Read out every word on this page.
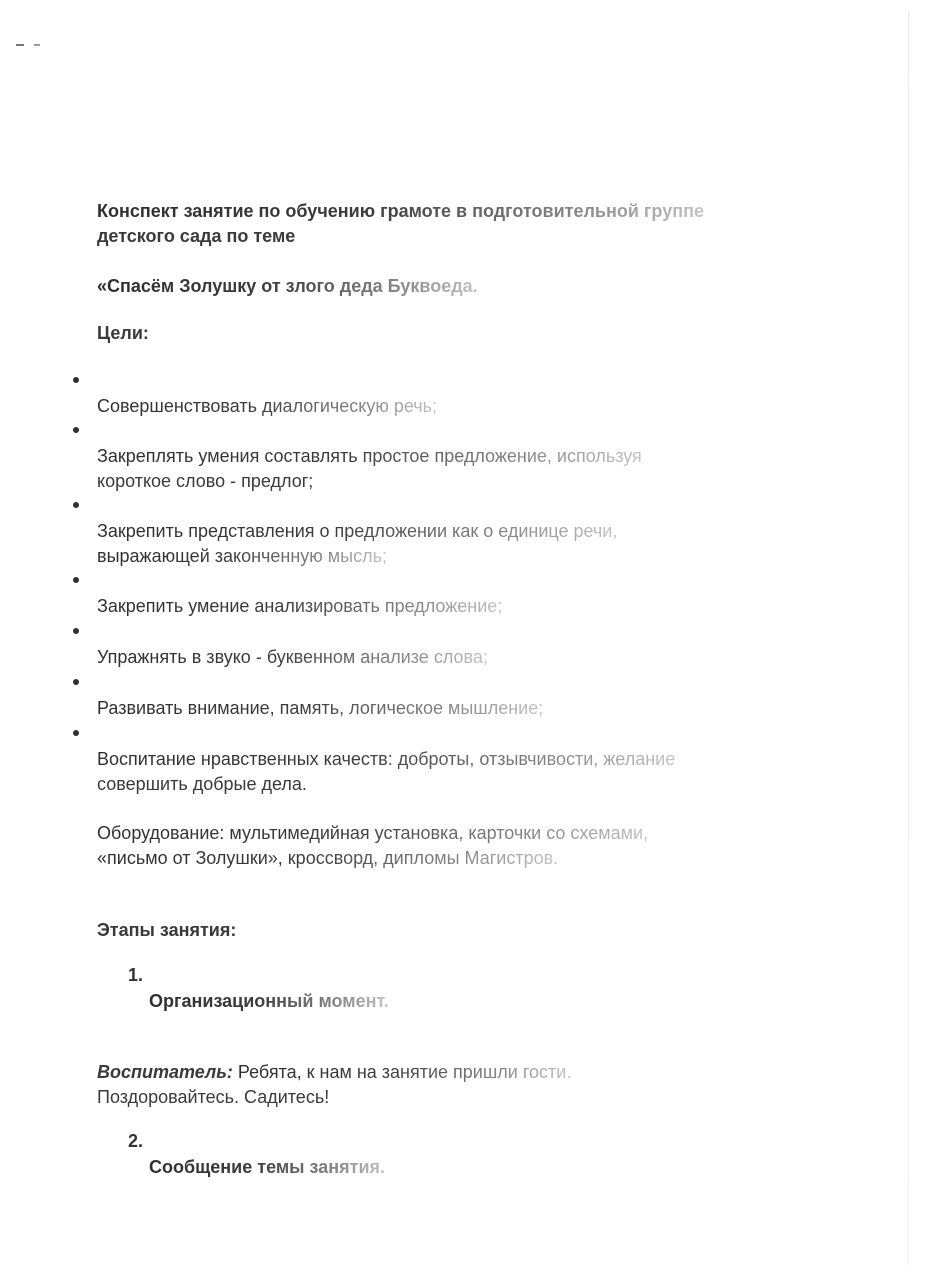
Конспект занятие по обучению грамоте в подготовительной группе
детского сада по теме

«Спасём Золушку от злого деда Буквоеда.

Цели:

Совершенствовать диалогическую речь;

Закреплять умения составлять простое предложение, используя
короткое слово - предлог;

Закрепить представления о предложении как о единице речи,
выражающей законченную мысль;

Закрепить умение анализировать предложение;

Упражнять в звуко - буквенном анализе слова;

Развивать внимание, память, логическое мышление;

Воспитание нравственных качеств: доброты, отзывчивости, желание
совершить добрые дела.

Оборудование: мультимедийная установка, карточки со схемами,
«письмо от Золушки», кроссворд, дипломы Магистров.

Этапы занятия:

1.
Организационный момент.

Воспитатель: Ребята, к нам на занятие пришли гости.
Поздоровайтесь. Садитесь!

2.
Сообщение темы занятия.
